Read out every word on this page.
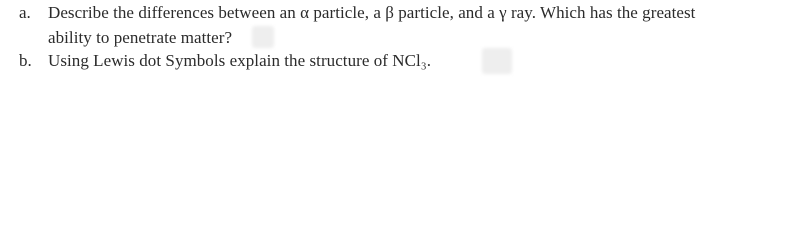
a. Describe the differences between an α particle, a β particle, and a γ ray. Which has the greatest
ability to penetrate matter?
b. Using Lewis dot Symbols explain the structure of NCl₃.
